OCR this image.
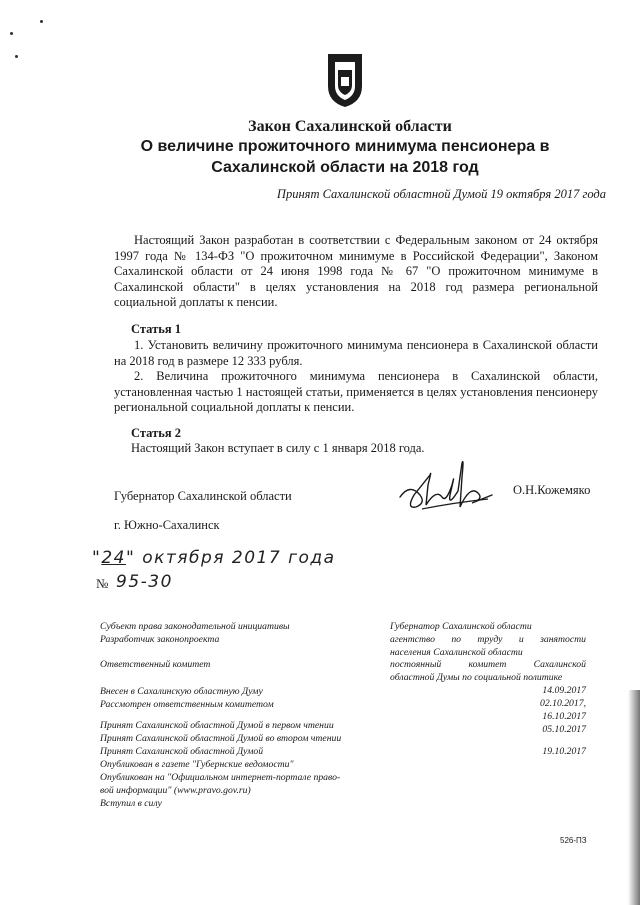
Закон Сахалинской области
О величине прожиточного минимума пенсионера в
Сахалинской области на 2018 год
Принят Сахалинской областной Думой 19 октября 2017 года
Настоящий Закон разработан в соответствии с Федеральным законом от 24 октября 1997 года № 134-ФЗ "О прожиточном минимуме в Российской Федерации", Законом Сахалинской области от 24 июня 1998 года № 67 "О прожиточном минимуме в Сахалинской области" в целях установления на 2018 год размера региональной социальной доплаты к пенсии.
Статья 1
1. Установить величину прожиточного минимума пенсионера в Сахалинской области на 2018 год в размере 12 333 рубля.
2. Величина прожиточного минимума пенсионера в Сахалинской области, установленная частью 1 настоящей статьи, применяется в целях установления пенсионеру региональной социальной доплаты к пенсии.
Статья 2
Настоящий Закон вступает в силу с 1 января 2018 года.
Губернатор Сахалинской области	О.Н.Кожемяко
г. Южно-Сахалинск
"24" октября 2017 года
№ 95-30
Субъект права законодательной инициативы
Разработчик законопроекта
Ответственный комитет
Внесен в Сахалинскую областную Думу
Рассмотрен ответственным комитетом
Принят Сахалинской областной Думой в первом чтении
Принят Сахалинской областной Думой во втором чтении
Принят Сахалинской областной Думой
Опубликован в газете "Губернские ведомости"
Опубликован на "Официальном интернет-портале право-
вой информации" (www.pravo.gov.ru)
Вступил в силу
Губернатор Сахалинской области
агентство по труду и занятости
населения Сахалинской области
постоянный комитет Сахалинской
областной Думы по социальной политике
14.09.2017
02.10.2017,
16.10.2017
05.10.2017
19.10.2017
526-ПЗ
